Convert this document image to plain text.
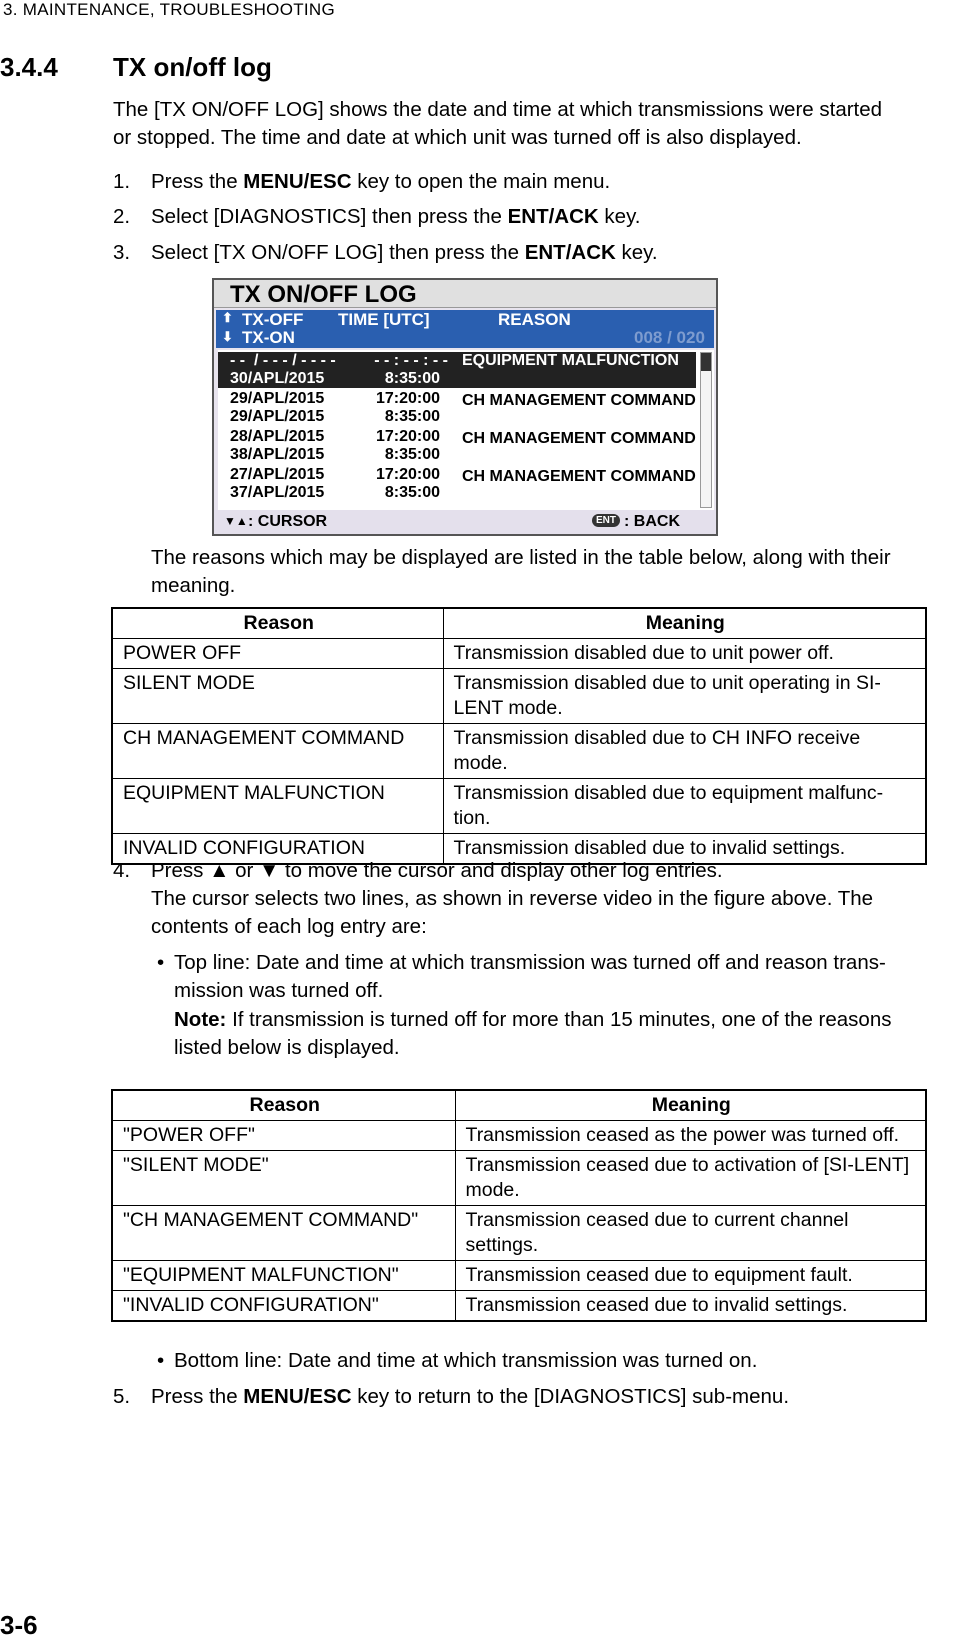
3. MAINTENANCE, TROUBLESHOOTING
3.4.4 TX on/off log
The [TX ON/OFF LOG] shows the date and time at which transmissions were started
or stopped. The time and date at which unit was turned off is also displayed.
1. Press the MENU/ESC key to open the main menu.
2. Select [DIAGNOSTICS] then press the ENT/ACK key.
3. Select [TX ON/OFF LOG] then press the ENT/ACK key.
TX ON/OFF LOG
⬆
⬇
TX-OFF TIME [UTC]	REASON
TX-ON	008 / 020
- -  / - - - / - - - -	- - : - - : - - EQUIPMENT MALFUNCTION
30/APL/2015	8:35:00
29/APL/2015	17:20:00 CH MANAGEMENT COMMAND
29/APL/2015	8:35:00
28/APL/2015	17:20:00 CH MANAGEMENT COMMAND
38/APL/2015	8:35:00
27/APL/2015	17:20:00 CH MANAGEMENT COMMAND
37/APL/2015	8:35:00
▼▲ : CURSOR	ENT : BACK
The reasons which may be displayed are listed in the table below, along with their
meaning.
Reason	Meaning
POWER OFF	Transmission disabled due to unit power off.
SILENT MODE	Transmission disabled due to unit operating in SI-LENT mode.
CH MANAGEMENT COMMAND	Transmission disabled due to CH INFO receive mode.
EQUIPMENT MALFUNCTION	Transmission disabled due to equipment malfunc-tion.
INVALID CONFIGURATION	Transmission disabled due to invalid settings.
4. Press ▲ or ▼ to move the cursor and display other log entries.
The cursor selects two lines, as shown in reverse video in the figure above. The
contents of each log entry are:
• Top line: Date and time at which transmission was turned off and reason trans-
mission was turned off.
Note: If transmission is turned off for more than 15 minutes, one of the reasons
listed below is displayed.
Reason	Meaning
"POWER OFF"	Transmission ceased as the power was turned off.
"SILENT MODE"	Transmission ceased due to activation of [SI-LENT] mode.
"CH MANAGEMENT COMMAND"	Transmission ceased due to current channel settings.
"EQUIPMENT MALFUNCTION"	Transmission ceased due to equipment fault.
"INVALID CONFIGURATION"	Transmission ceased due to invalid settings.
• Bottom line: Date and time at which transmission was turned on.
5. Press the MENU/ESC key to return to the [DIAGNOSTICS] sub-menu.
3-6
